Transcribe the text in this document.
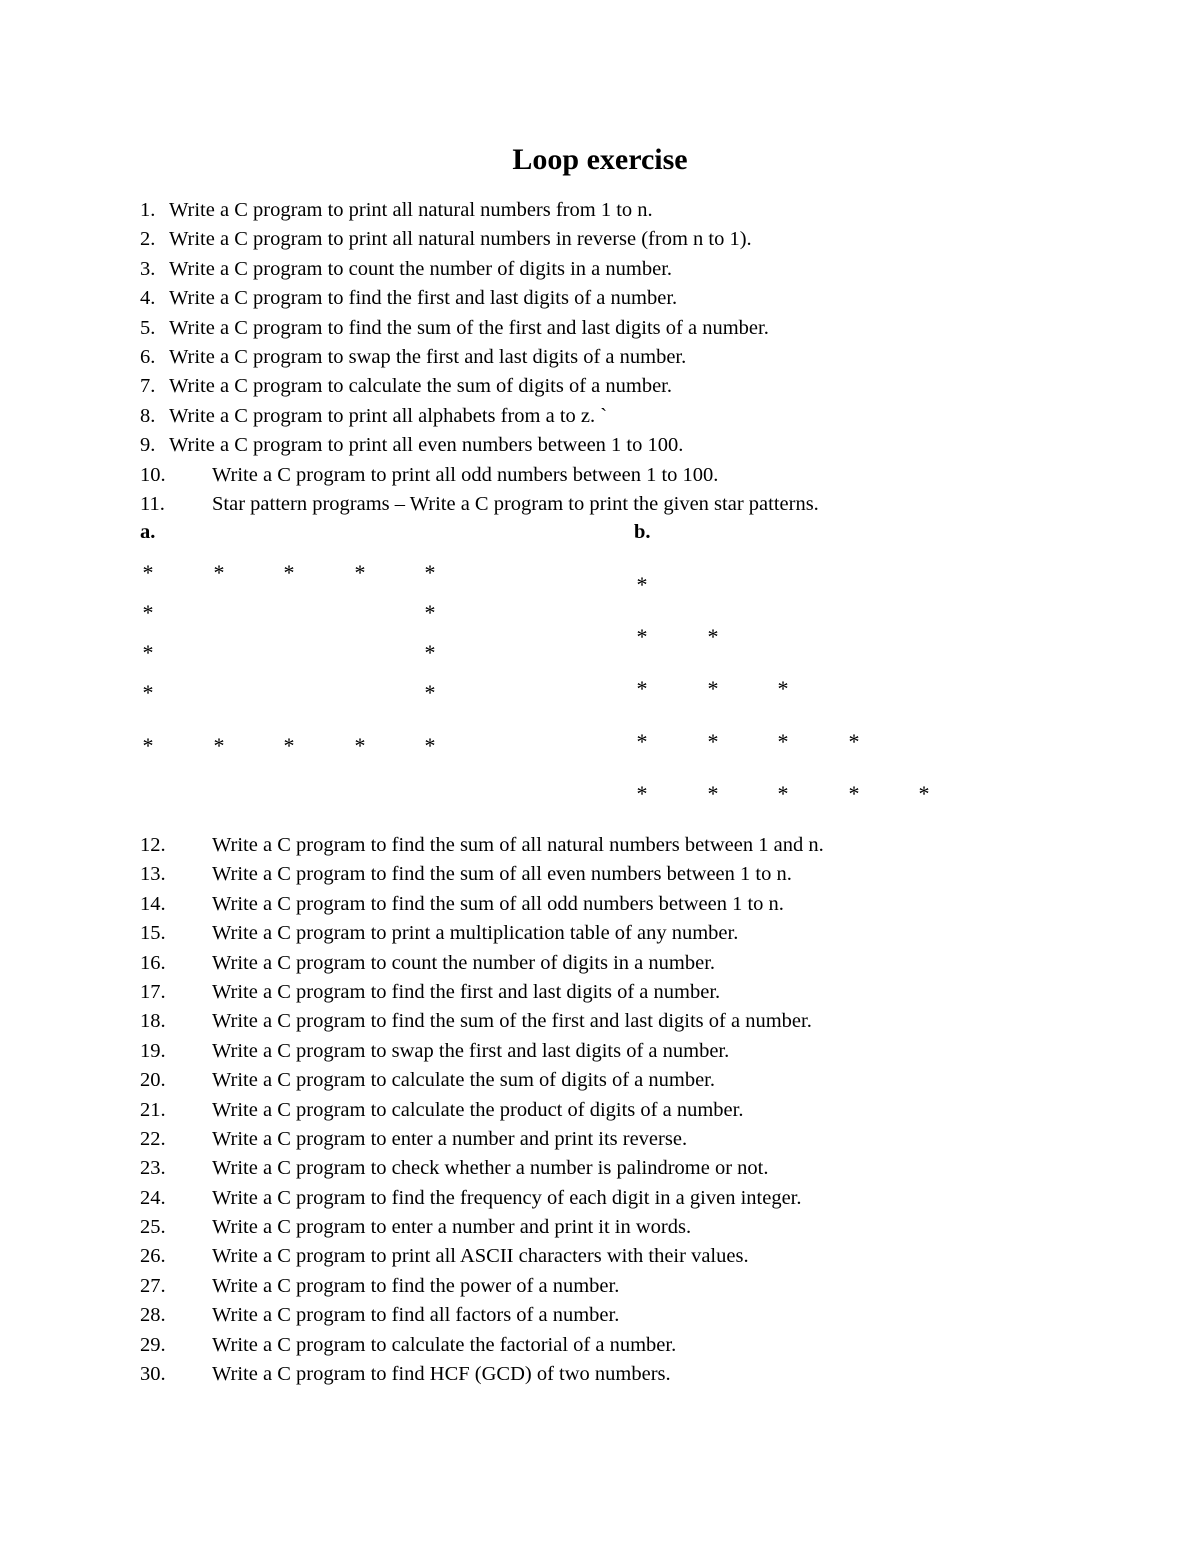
Loop exercise
1. Write a C program to print all natural numbers from 1 to n.
2. Write a C program to print all natural numbers in reverse (from n to 1).
3. Write a C program to count the number of digits in a number.
4. Write a C program to find the first and last digits of a number.
5. Write a C program to find the sum of the first and last digits of a number.
6. Write a C program to swap the first and last digits of a number.
7. Write a C program to calculate the sum of digits of a number.
8. Write a C program to print all alphabets from a to z. `
9. Write a C program to print all even numbers between 1 to 100.
10. Write a C program to print all odd numbers between 1 to 100.
11. Star pattern programs – Write a C program to print the given star patterns.
a.	b.
*	*	*	*	*
*	*
*	*
*	*
*	*	*	*	*
*
*	*
*	*	*
*	*	*	*
*	*	*	*	*
12. Write a C program to find the sum of all natural numbers between 1 and n.
13. Write a C program to find the sum of all even numbers between 1 to n.
14. Write a C program to find the sum of all odd numbers between 1 to n.
15. Write a C program to print a multiplication table of any number.
16. Write a C program to count the number of digits in a number.
17. Write a C program to find the first and last digits of a number.
18. Write a C program to find the sum of the first and last digits of a number.
19. Write a C program to swap the first and last digits of a number.
20. Write a C program to calculate the sum of digits of a number.
21. Write a C program to calculate the product of digits of a number.
22. Write a C program to enter a number and print its reverse.
23. Write a C program to check whether a number is palindrome or not.
24. Write a C program to find the frequency of each digit in a given integer.
25. Write a C program to enter a number and print it in words.
26. Write a C program to print all ASCII characters with their values.
27. Write a C program to find the power of a number.
28. Write a C program to find all factors of a number.
29. Write a C program to calculate the factorial of a number.
30. Write a C program to find HCF (GCD) of two numbers.
